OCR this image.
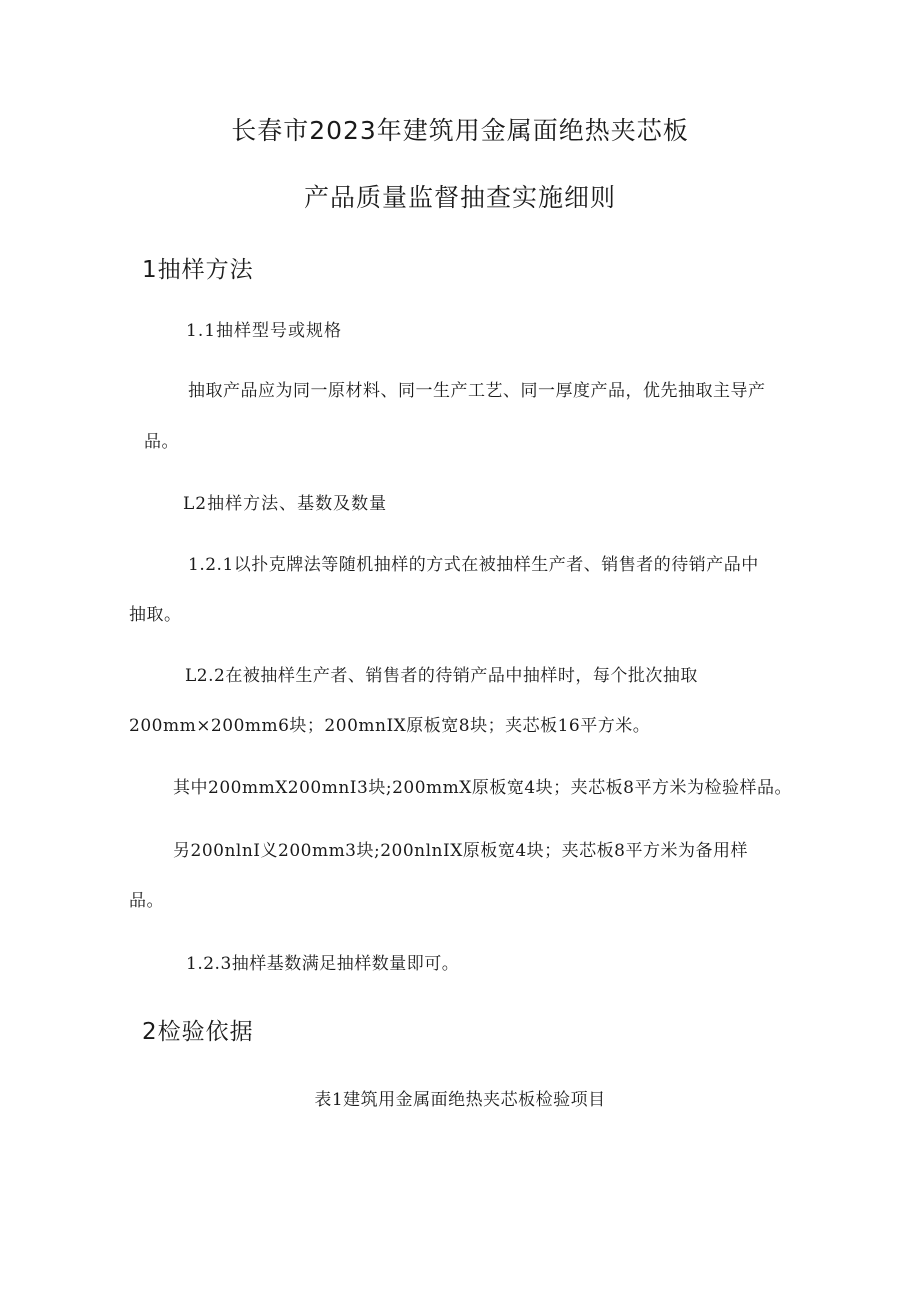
长春市2023年建筑用金属面绝热夹芯板
产品质量监督抽查实施细则
1抽样方法
1.1抽样型号或规格
抽取产品应为同一原材料、同一生产工艺、同一厚度产品，优先抽取主导产
品。
L2抽样方法、基数及数量
1.2.1以扑克牌法等随机抽样的方式在被抽样生产者、销售者的待销产品中
抽取。
L2.2在被抽样生产者、销售者的待销产品中抽样时，每个批次抽取
200mm×200mm6块；200mnIX原板宽8块；夹芯板16平方米。
其中200mmX200mnI3块;200mmX原板宽4块；夹芯板8平方米为检验样品。
另200nlnI义200mm3块;200nlnIX原板宽4块；夹芯板8平方米为备用样
品。
1.2.3抽样基数满足抽样数量即可。
2检验依据
表1建筑用金属面绝热夹芯板检验项目
